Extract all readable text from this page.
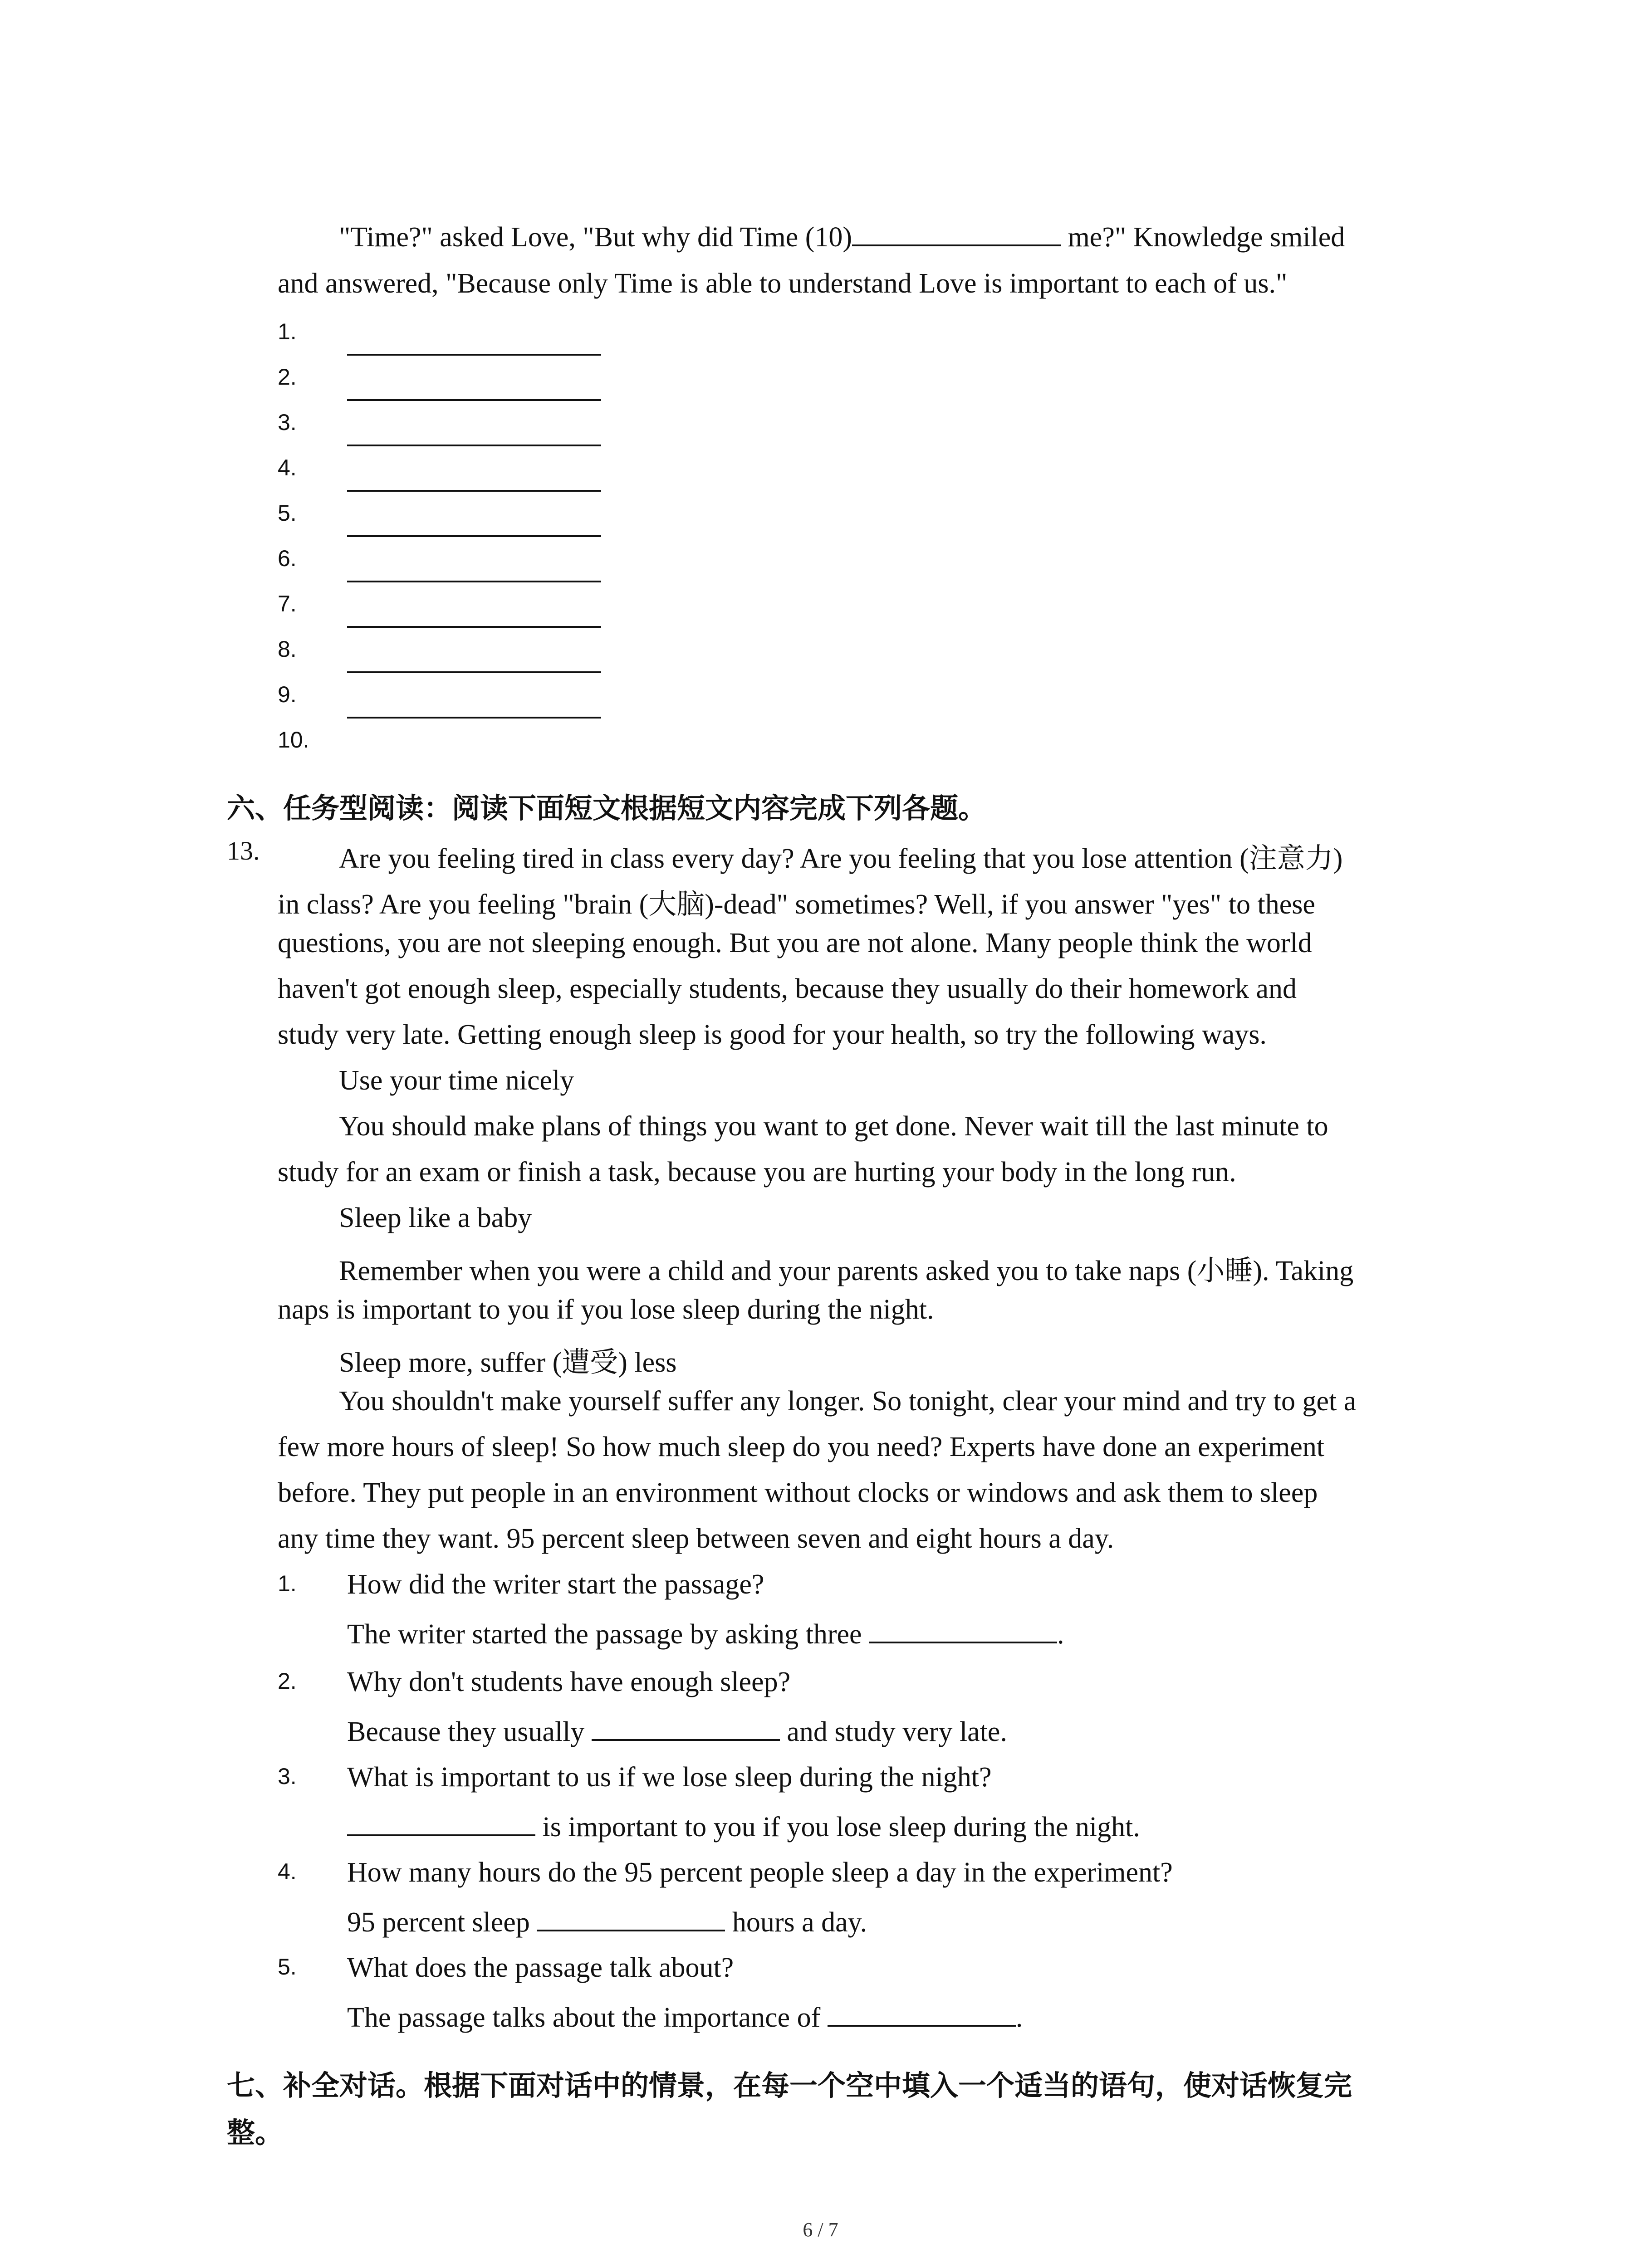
"Time?" asked Love, "But why did Time (10)	me?" Knowledge smiled
and answered, "Because only Time is able to understand Love is important to each of us."
1.
2.
3.
4.
5.
6.
7.
8.
9.
10.
六、任务型阅读：阅读下面短文根据短文内容完成下列各题。
13.	Are you feeling tired in class every day? Are you feeling that you lose attention (注意力)
in class? Are you feeling "brain (大脑)-dead" sometimes? Well, if you answer "yes" to these
questions, you are not sleeping enough. But you are not alone. Many people think the world
haven't got enough sleep, especially students, because they usually do their homework and
study very late. Getting enough sleep is good for your health, so try the following ways.
Use your time nicely
You should make plans of things you want to get done. Never wait till the last minute to
study for an exam or finish a task, because you are hurting your body in the long run.
Sleep like a baby
Remember when you were a child and your parents asked you to take naps (小睡). Taking
naps is important to you if you lose sleep during the night.
Sleep more, suffer (遭受) less
You shouldn't make yourself suffer any longer. So tonight, clear your mind and try to get a
few more hours of sleep! So how much sleep do you need? Experts have done an experiment
before. They put people in an environment without clocks or windows and ask them to sleep
any time they want. 95 percent sleep between seven and eight hours a day.
1. How did the writer start the passage?
The writer started the passage by asking three	.
2. Why don't students have enough sleep?
Because they usually	and study very late.
3. What is important to us if we lose sleep during the night?
is important to you if you lose sleep during the night.
4. How many hours do the 95 percent people sleep a day in the experiment?
95 percent sleep	hours a day.
5. What does the passage talk about?
The passage talks about the importance of	.
七、补全对话。根据下面对话中的情景，在每一个空中填入一个适当的语句，使对话恢复完
整。
6 / 7
